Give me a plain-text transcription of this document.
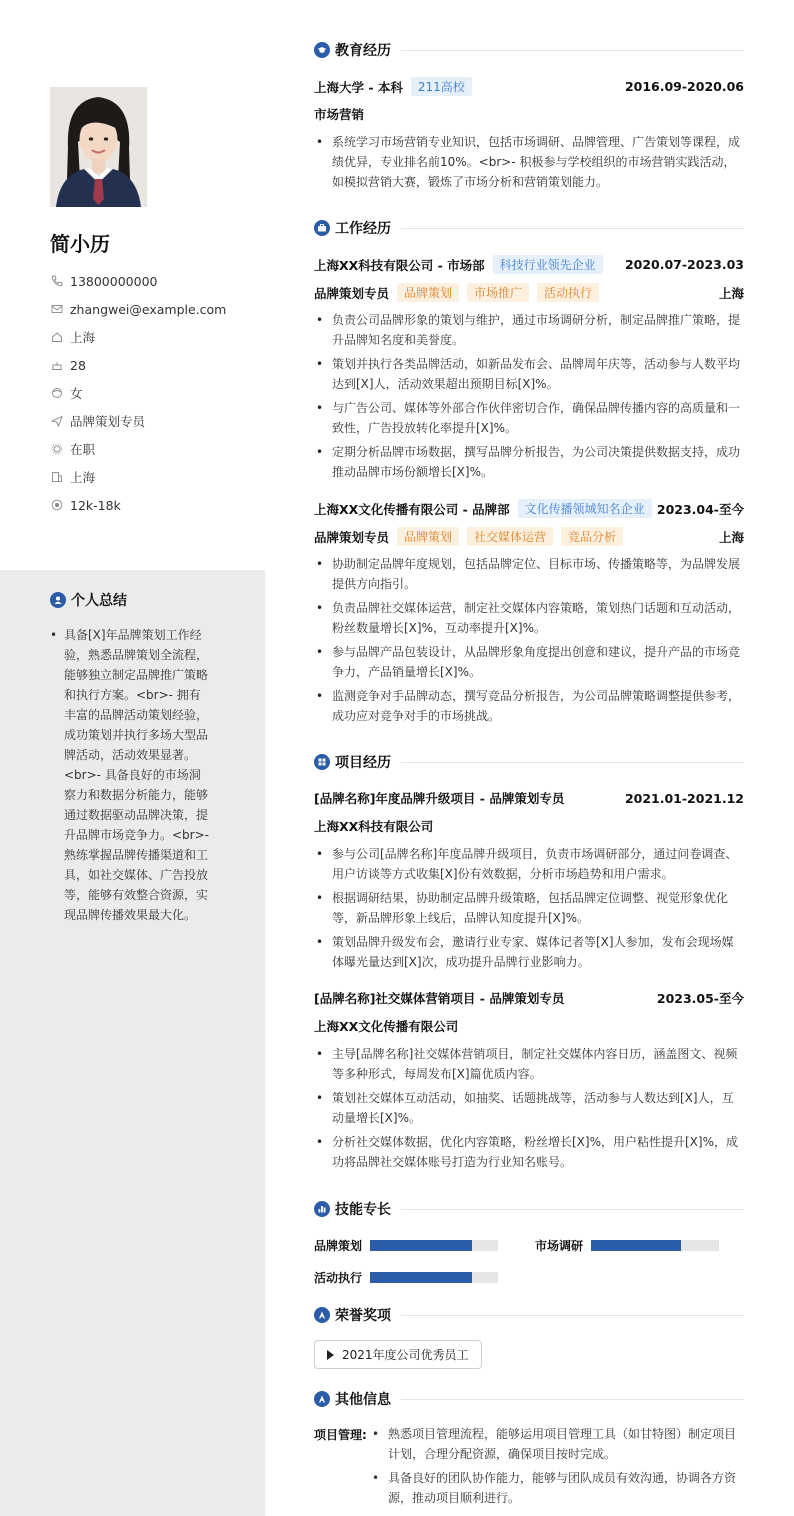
简小历
13800000000
zhangwei@example.com
上海
28
女
品牌策划专员
在职
上海
12k-18k
个人总结
• 具备[X]年品牌策划工作经验，熟悉品牌策划全流程，能够独立制定品牌推广策略和执行方案。<br>- 拥有丰富的品牌活动策划经验，成功策划并执行多场大型品牌活动，活动效果显著。<br>- 具备良好的市场洞察力和数据分析能力，能够通过数据驱动品牌决策，提升品牌市场竞争力。<br>- 熟练掌握品牌传播渠道和工具，如社交媒体、广告投放等，能够有效整合资源，实现品牌传播效果最大化。
教育经历
上海大学 - 本科	211高校	2016.09-2020.06
市场营销
• 系统学习市场营销专业知识，包括市场调研、品牌管理、广告策划等课程，成绩优异，专业排名前10%。<br>- 积极参与学校组织的市场营销实践活动，如模拟营销大赛，锻炼了市场分析和营销策划能力。
工作经历
上海XX科技有限公司 - 市场部	科技行业领先企业	2020.07-2023.03
品牌策划专员	品牌策划	市场推广	活动执行	上海
• 负责公司品牌形象的策划与维护，通过市场调研分析，制定品牌推广策略，提升品牌知名度和美誉度。
• 策划并执行各类品牌活动，如新品发布会、品牌周年庆等，活动参与人数平均达到[X]人，活动效果超出预期目标[X]%。
• 与广告公司、媒体等外部合作伙伴密切合作，确保品牌传播内容的高质量和一致性，广告投放转化率提升[X]%。
• 定期分析品牌市场数据，撰写品牌分析报告，为公司决策提供数据支持，成功推动品牌市场份额增长[X]%。
上海XX文化传播有限公司 - 品牌部	文化传播领域知名企业 2023.04-至今
品牌策划专员	品牌策划	社交媒体运营	竞品分析	上海
• 协助制定品牌年度规划，包括品牌定位、目标市场、传播策略等，为品牌发展提供方向指引。
• 负责品牌社交媒体运营，制定社交媒体内容策略，策划热门话题和互动活动，粉丝数量增长[X]%，互动率提升[X]%。
• 参与品牌产品包装设计，从品牌形象角度提出创意和建议，提升产品的市场竞争力，产品销量增长[X]%。
• 监测竞争对手品牌动态，撰写竞品分析报告，为公司品牌策略调整提供参考，成功应对竞争对手的市场挑战。
项目经历
[品牌名称]年度品牌升级项目 - 品牌策划专员	2021.01-2021.12
上海XX科技有限公司
• 参与公司[品牌名称]年度品牌升级项目，负责市场调研部分，通过问卷调查、用户访谈等方式收集[X]份有效数据，分析市场趋势和用户需求。
• 根据调研结果，协助制定品牌升级策略，包括品牌定位调整、视觉形象优化等，新品牌形象上线后，品牌认知度提升[X]%。
• 策划品牌升级发布会，邀请行业专家、媒体记者等[X]人参加，发布会现场媒体曝光量达到[X]次，成功提升品牌行业影响力。
[品牌名称]社交媒体营销项目 - 品牌策划专员	2023.05-至今
上海XX文化传播有限公司
• 主导[品牌名称]社交媒体营销项目，制定社交媒体内容日历，涵盖图文、视频等多种形式，每周发布[X]篇优质内容。
• 策划社交媒体互动活动，如抽奖、话题挑战等，活动参与人数达到[X]人，互动量增长[X]%。
• 分析社交媒体数据，优化内容策略，粉丝增长[X]%，用户粘性提升[X]%，成功将品牌社交媒体账号打造为行业知名账号。
技能专长
品牌策划	市场调研
活动执行
荣誉奖项
2021年度公司优秀员工
其他信息
项目管理:
•	熟悉项目管理流程，能够运用项目管理工具（如甘特图）制定项目计划，合理分配资源，确保项目按时完成。
• 具备良好的团队协作能力，能够与团队成员有效沟通，协调各方资源，推动项目顺利进行。
